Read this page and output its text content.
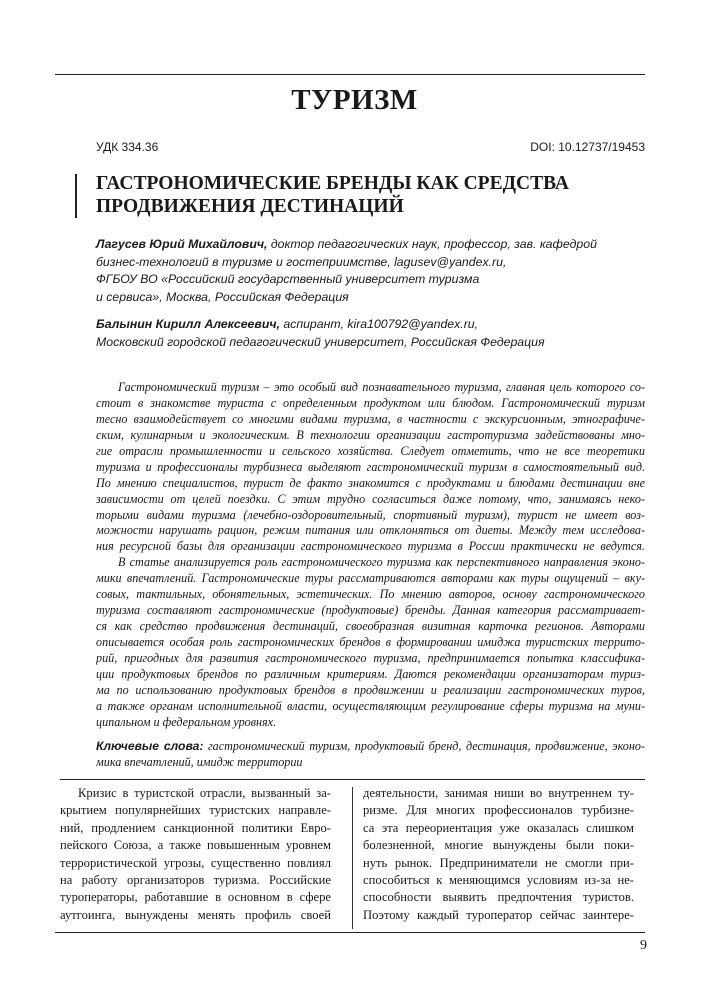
ТУРИЗМ
УДК 334.36	DOI: 10.12737/19453
ГАСТРОНОМИЧЕСКИЕ БРЕНДЫ КАК СРЕДСТВА
ПРОДВИЖЕНИЯ ДЕСТИНАЦИЙ
Лагусев Юрий Михайлович, доктор педагогических наук, профессор, зав. кафедрой
бизнес-технологий в туризме и гостеприимстве, lagusev@yandex.ru,
ФГБОУ ВО «Российский государственный университет туризма
и сервиса», Москва, Российская Федерация
Балынин Кирилл Алексеевич, аспирант, kira100792@yandex.ru,
Московский городской педагогический университет, Российская Федерация
Гастрономический туризм – это особый вид познавательного туризма, главная цель которого со-
стоит в знакомстве туриста с определенным продуктом или блюдом. Гастрономический туризм
тесно взаимодействует со многими видами туризма, в частности с экскурсионным, этнографиче-
ским, кулинарным и экологическим. В технологии организации гастротуризма задействованы мно-
гие отрасли промышленности и сельского хозяйства. Следует отметить, что не все теоретики
туризма и профессионалы турбизнеса выделяют гастрономический туризм в самостоятельный вид.
По мнению специалистов, турист де факто знакомится с продуктами и блюдами дестинации вне
зависимости от целей поездки. С этим трудно согласиться даже потому, что, занимаясь неко-
торыми видами туризма (лечебно-оздоровительный, спортивный туризм), турист не имеет воз-
можности нарушать рацион, режим питания или отклоняться от диеты. Между тем исследова-
ния ресурсной базы для организации гастрономического туризма в России практически не ведутся.
В статье анализируется роль гастрономического туризма как перспективного направления эконо-
мики впечатлений. Гастрономические туры рассматриваются авторами как туры ощущений – вку-
совых, тактильных, обонятельных, эстетических. По мнению авторов, основу гастрономического
туризма составляют гастрономические (продуктовые) бренды. Данная категория рассматривает-
ся как средство продвижения дестинаций, своеобразная визитная карточка регионов. Авторами
описывается особая роль гастрономических брендов в формировании имиджа туристских террито-
рий, пригодных для развития гастрономического туризма, предпринимается попытка классифика-
ции продуктовых брендов по различным критериям. Даются рекомендации организаторам туриз-
ма по использованию продуктовых брендов в продвижении и реализации гастрономических туров,
а также органам исполнительной власти, осуществляющим регулирование сферы туризма на муни-
ципальном и федеральном уровнях.
Ключевые слова: гастрономический туризм, продуктовый бренд, дестинация, продвижение, эконо-
мика впечатлений, имидж территории
Кризис в туристской отрасли, вызванный за-
крытием популярнейших туристских направле-
ний, продлением санкционной политики Евро-
пейского Союза, а также повышенным уровнем
террористической угрозы, существенно повлиял
на работу организаторов туризма. Российские
туроператоры, работавшие в основном в сфере
аутгоинга, вынуждены менять профиль своей
деятельности, занимая ниши во внутреннем ту-
ризме. Для многих профессионалов турбизне-
са эта переориентация уже оказалась слишком
болезненной, многие вынуждены были поки-
нуть рынок. Предприниматели не смогли при-
способиться к меняющимся условиям из-за не-
способности выявить предпочтения туристов.
Поэтому каждый туроператор сейчас заинтере-
9
